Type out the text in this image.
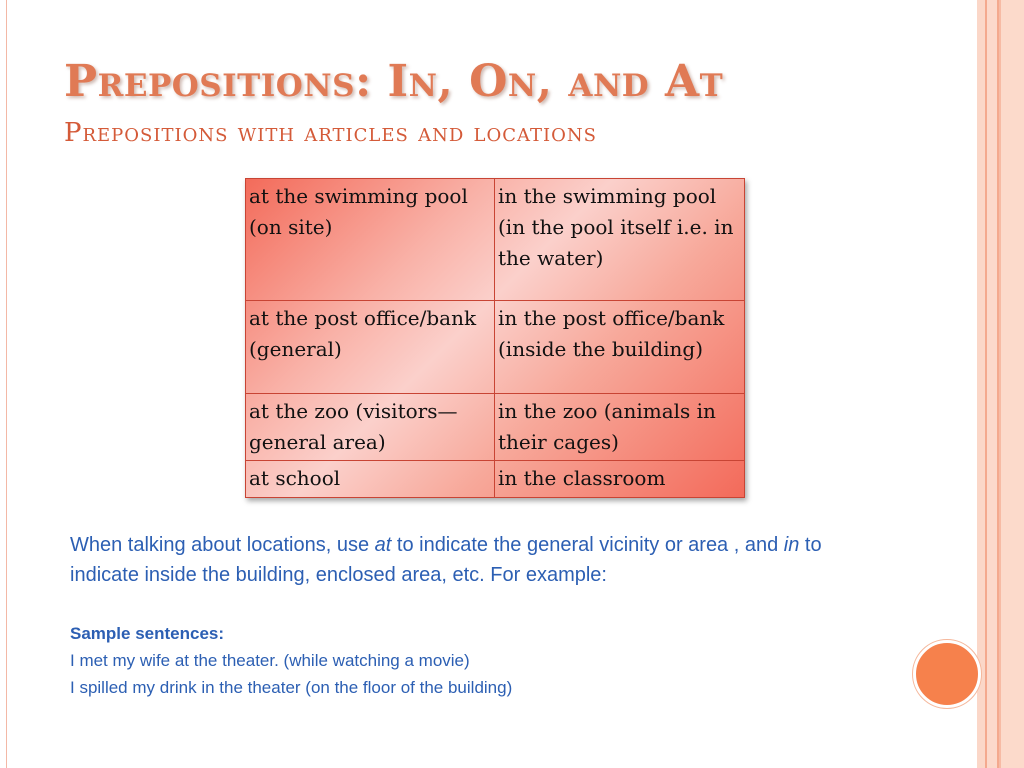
Prepositions: In, On, and At
Prepositions with articles and locations
at the swimming pool (on site)	in the swimming pool (in the pool itself i.e. in the water)
at the post office/bank (general)	in the post office/bank (inside the building)
at the zoo (visitors—general area)	in the zoo (animals in their cages)
at school	in the classroom
When talking about locations, use at to indicate the general vicinity or area , and in to indicate inside the building, enclosed area, etc. For example:
Sample sentences:
I met my wife at the theater. (while watching a movie)
I spilled my drink in the theater (on the floor of the building)
